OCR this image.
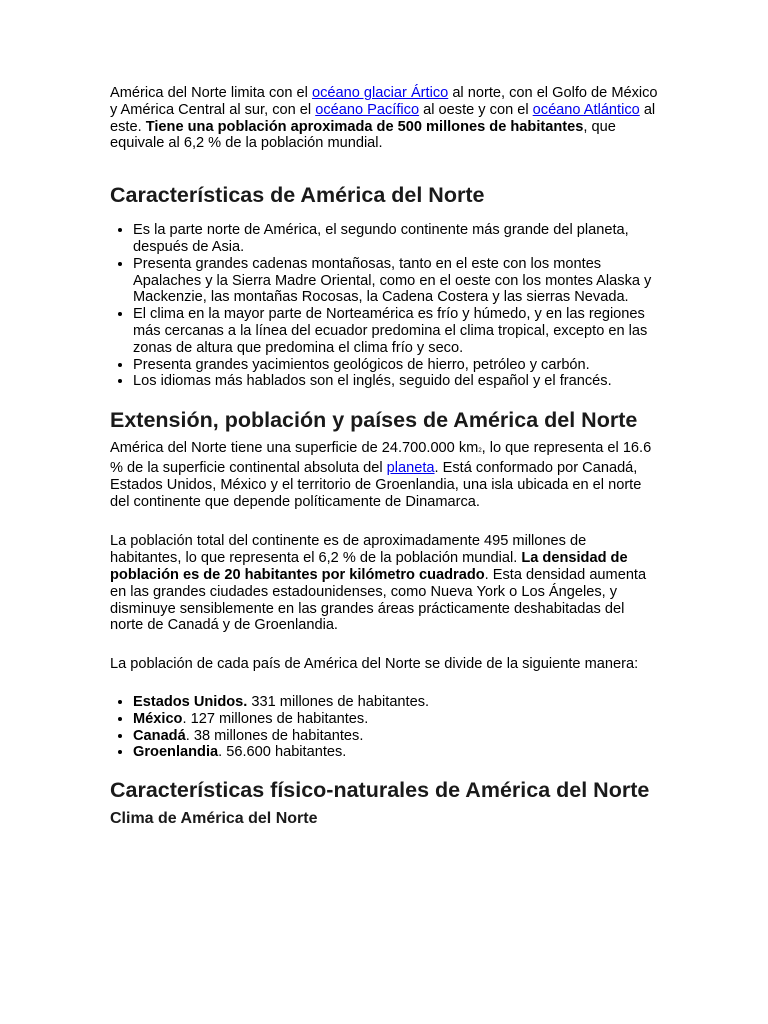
América del Norte limita con el océano glaciar Ártico al norte, con el Golfo de México y América Central al sur, con el océano Pacífico al oeste y con el océano Atlántico al este. Tiene una población aproximada de 500 millones de habitantes, que equivale al 6,2 % de la población mundial.

Características de América del Norte
• Es la parte norte de América, el segundo continente más grande del planeta, después de Asia.
• Presenta grandes cadenas montañosas, tanto en el este con los montes Apalaches y la Sierra Madre Oriental, como en el oeste con los montes Alaska y Mackenzie, las montañas Rocosas, la Cadena Costera y las sierras Nevada.
• El clima en la mayor parte de Norteamérica es frío y húmedo, y en las regiones más cercanas a la línea del ecuador predomina el clima tropical, excepto en las zonas de altura que predomina el clima frío y seco.
• Presenta grandes yacimientos geológicos de hierro, petróleo y carbón.
• Los idiomas más hablados son el inglés, seguido del español y el francés.
Extensión, población y países de América del Norte

América del Norte tiene una superficie de 24.700.000 km2, lo que representa el 16.6 % de la superficie continental absoluta del planeta. Está conformado por Canadá, Estados Unidos, México y el territorio de Groenlandia, una isla ubicada en el norte del continente que depende políticamente de Dinamarca.

La población total del continente es de aproximadamente 495 millones de habitantes, lo que representa el 6,2 % de la población mundial. La densidad de población es de 20 habitantes por kilómetro cuadrado. Esta densidad aumenta en las grandes ciudades estadounidenses, como Nueva York o Los Ángeles, y disminuye sensiblemente en las grandes áreas prácticamente deshabitadas del norte de Canadá y de Groenlandia.

La población de cada país de América del Norte se divide de la siguiente manera:

• Estados Unidos. 331 millones de habitantes.
• México. 127 millones de habitantes.
• Canadá. 38 millones de habitantes.
• Groenlandia. 56.600 habitantes.
Características físico-naturales de América del Norte
Clima de América del Norte
